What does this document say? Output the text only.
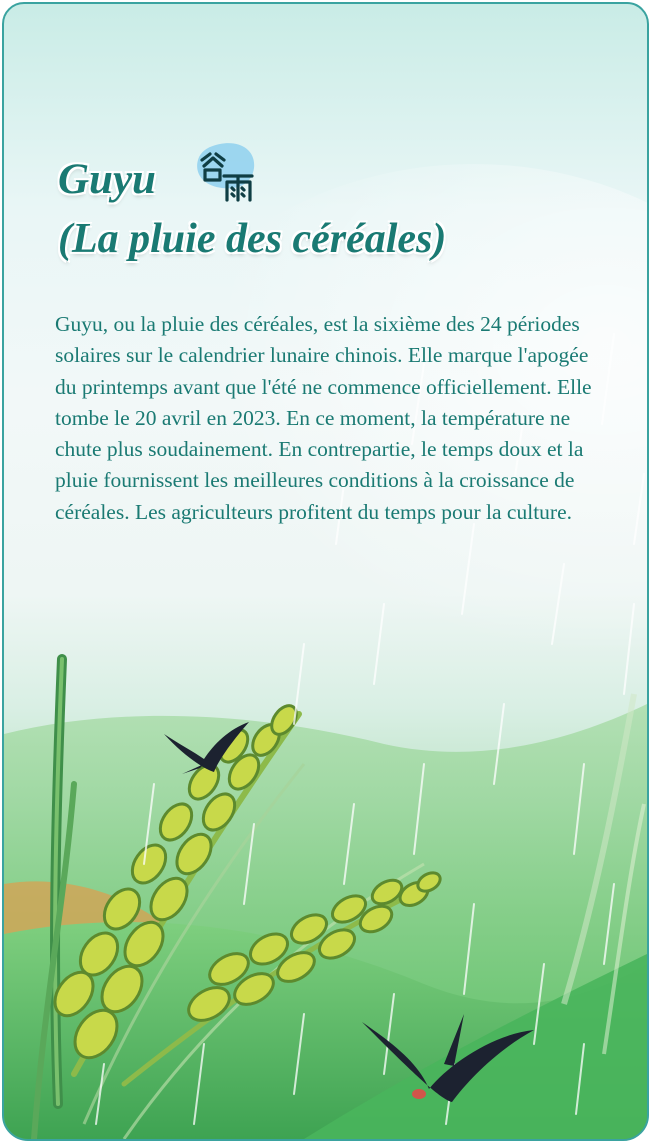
Guyu
(La pluie des céréales)

Guyu, ou la pluie des céréales, est la sixième des 24 périodes solaires sur le calendrier lunaire chinois. Elle marque l'apogée du printemps avant que l'été ne commence officiellement. Elle tombe le 20 avril en 2023. En ce moment, la température ne chute plus soudainement. En contrepartie, le temps doux et la pluie fournissent les meilleures conditions à la croissance de céréales. Les agriculteurs profitent du temps pour la culture.
